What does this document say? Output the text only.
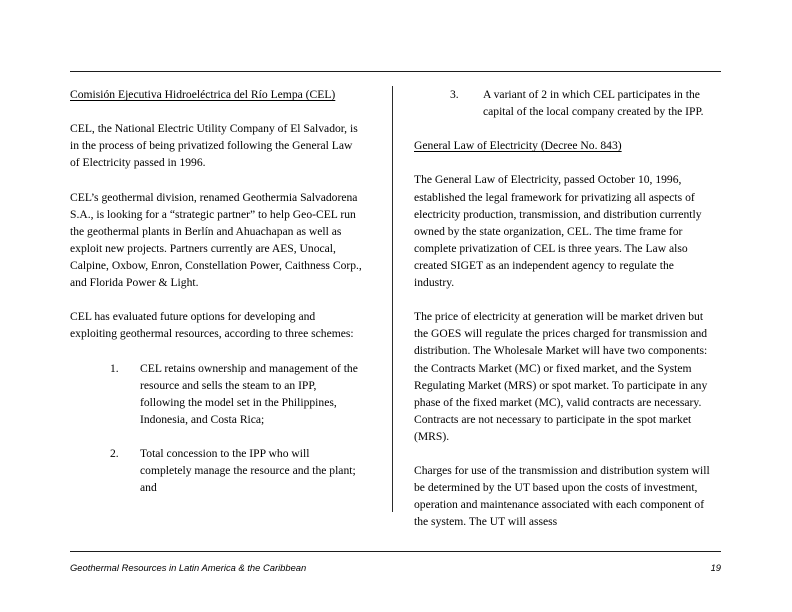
Comisión Ejecutiva Hidroeléctrica del Río Lempa (CEL)

CEL, the National Electric Utility Company of El Salvador, is in the process of being privatized following the General Law of Electricity passed in 1996.

CEL’s geothermal division, renamed Geothermia Salvadorena S.A., is looking for a “strategic partner” to help Geo-CEL run the geothermal plants in Berlín and Ahuachapan as well as exploit new projects. Partners currently are AES, Unocal, Calpine, Oxbow, Enron, Constellation Power, Caithness Corp., and Florida Power & Light.

CEL has evaluated future options for developing and exploiting geothermal resources, according to three schemes:

1.	CEL retains ownership and management of the resource and sells the steam to an IPP, following the model set in the Philippines, Indonesia, and Costa Rica;
2.	Total concession to the IPP who will completely manage the resource and the plant; and
3.	A variant of 2 in which CEL participates in the capital of the local company created by the IPP.
General Law of Electricity (Decree No. 843)

The General Law of Electricity, passed October 10, 1996, established the legal framework for privatizing all aspects of electricity production, transmission, and distribution currently owned by the state organization, CEL. The time frame for complete privatization of CEL is three years. The Law also created SIGET as an independent agency to regulate the industry.

The price of electricity at generation will be market driven but the GOES will regulate the prices charged for transmission and distribution. The Wholesale Market will have two components: the Contracts Market (MC) or fixed market, and the System Regulating Market (MRS) or spot market. To participate in any phase of the fixed market (MC), valid contracts are necessary. Contracts are not necessary to participate in the spot market (MRS).

Charges for use of the transmission and distribution system will be determined by the UT based upon the costs of investment, operation and maintenance associated with each component of the system. The UT will assess

Geothermal Resources in Latin America & the Caribbean	19
